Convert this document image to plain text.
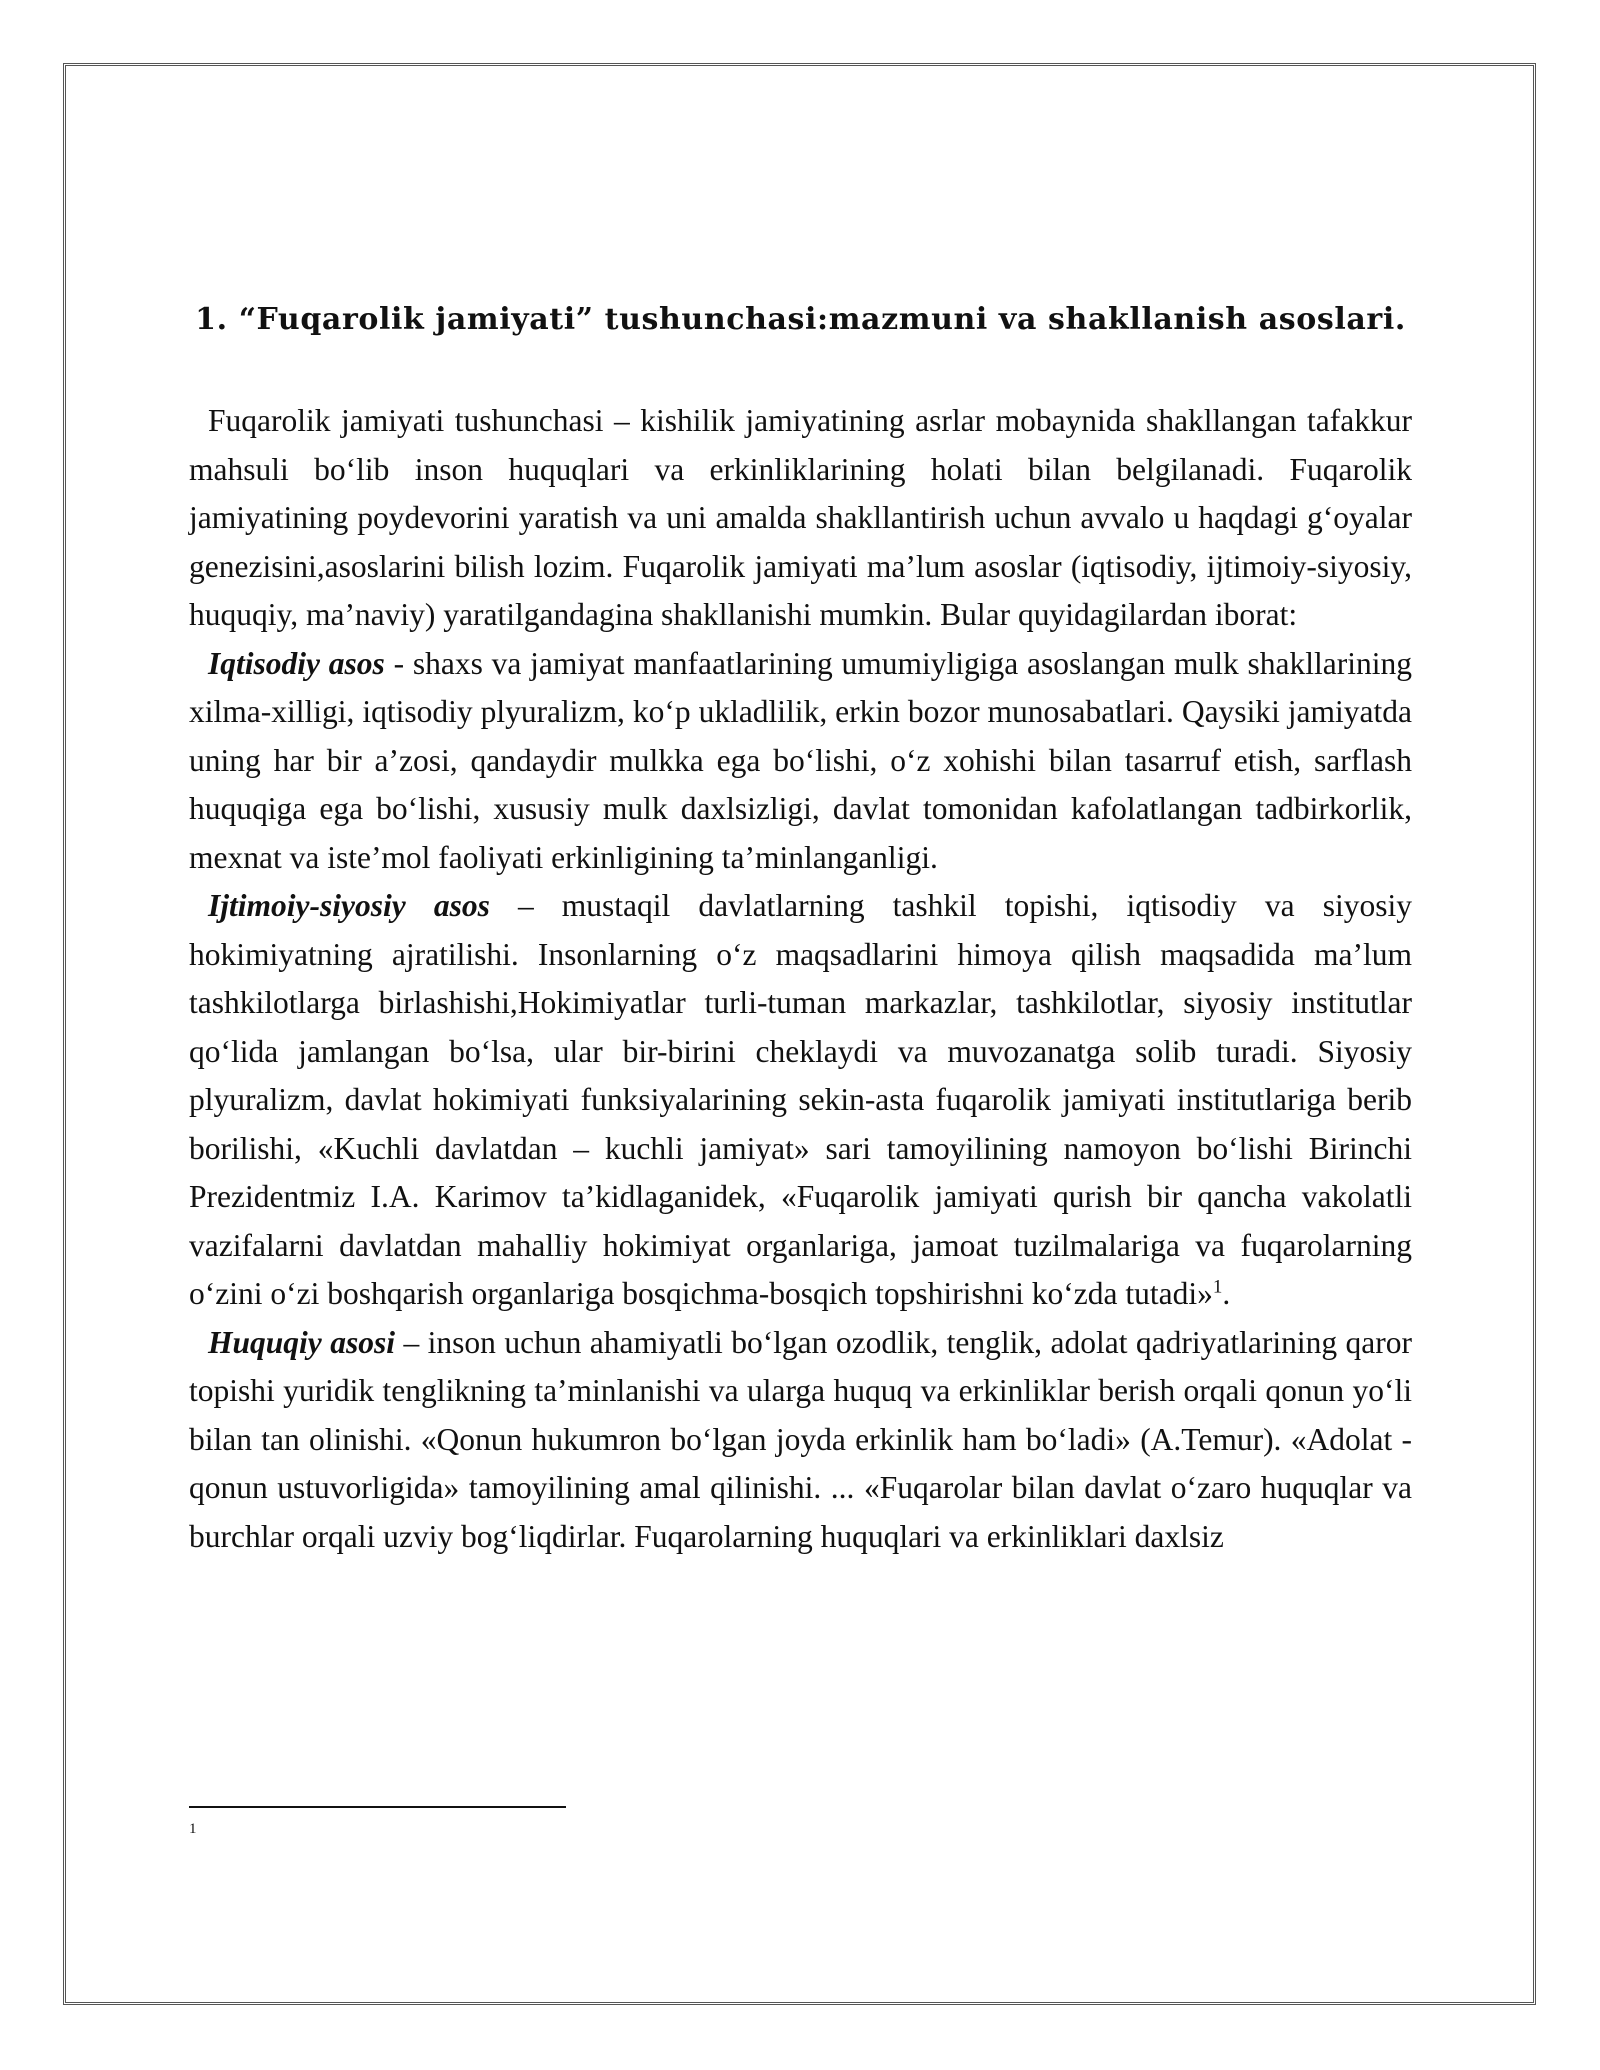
1. “Fuqarolik jamiyati” tushunchasi:mazmuni va shakllanish asoslari.

Fuqarolik jamiyati tushunchasi – kishilik jamiyatining asrlar mobaynida shakllangan tafakkur mahsuli bo‘lib inson huquqlari va erkinliklarining holati bilan belgilanadi. Fuqarolik jamiyatining poydevorini yaratish va uni amalda shakllantirish uchun avvalo u haqdagi g‘oyalar genezisini,asoslarini bilish lozim. Fuqarolik jamiyati ma’lum asoslar (iqtisodiy, ijtimoiy-siyosiy, huquqiy, ma’naviy) yaratilgandagina shakllanishi mumkin. Bular quyidagilardan iborat:

Iqtisodiy asos - shaxs va jamiyat manfaatlarining umumiyligiga asoslangan mulk shakllarining xilma-xilligi, iqtisodiy plyuralizm, ko‘p ukladlilik, erkin bozor munosabatlari. Qaysiki jamiyatda uning har bir a’zosi, qandaydir mulkka ega bo‘lishi, o‘z xohishi bilan tasarruf etish, sarflash huquqiga ega bo‘lishi, xususiy mulk daxlsizligi, davlat tomonidan kafolatlangan tadbirkorlik, mexnat va iste’mol faoliyati erkinligining ta’minlanganligi.

Ijtimoiy-siyosiy asos – mustaqil davlatlarning tashkil topishi, iqtisodiy va siyosiy hokimiyatning ajratilishi. Insonlarning o‘z maqsadlarini himoya qilish maqsadida ma’lum tashkilotlarga birlashishi,Hokimiyatlar turli-tuman markazlar, tashkilotlar, siyosiy institutlar qo‘lida jamlangan bo‘lsa, ular bir-birini cheklaydi va muvozanatga solib turadi. Siyosiy plyuralizm, davlat hokimiyati funksiyalarining sekin-asta fuqarolik jamiyati institutlariga berib borilishi, «Kuchli davlatdan – kuchli jamiyat» sari tamoyilining namoyon bo‘lishi Birinchi Prezidentmiz I.A. Karimov ta’kidlaganidek, «Fuqarolik jamiyati qurish bir qancha vakolatli vazifalarni davlatdan mahalliy hokimiyat organlariga, jamoat tuzilmalariga va fuqarolarning o‘zini o‘zi boshqarish organlariga bosqichma-bosqich topshirishni ko‘zda tutadi»$^1$.

Huquqiy asosi – inson uchun ahamiyatli bo‘lgan ozodlik, tenglik, adolat qadriyatlarining qaror topishi yuridik tenglikning ta’minlanishi va ularga huquq va erkinliklar berish orqali qonun yo‘li bilan tan olinishi. «Qonun hukumron bo‘lgan joyda erkinlik ham bo‘ladi» (A.Temur). «Adolat - qonun ustuvorligida» tamoyilining amal qilinishi. ... «Fuqarolar bilan davlat o‘zaro huquqlar va burchlar orqali uzviy bog‘liqdirlar. Fuqarolarning huquqlari va erkinliklari daxlsiz

1
